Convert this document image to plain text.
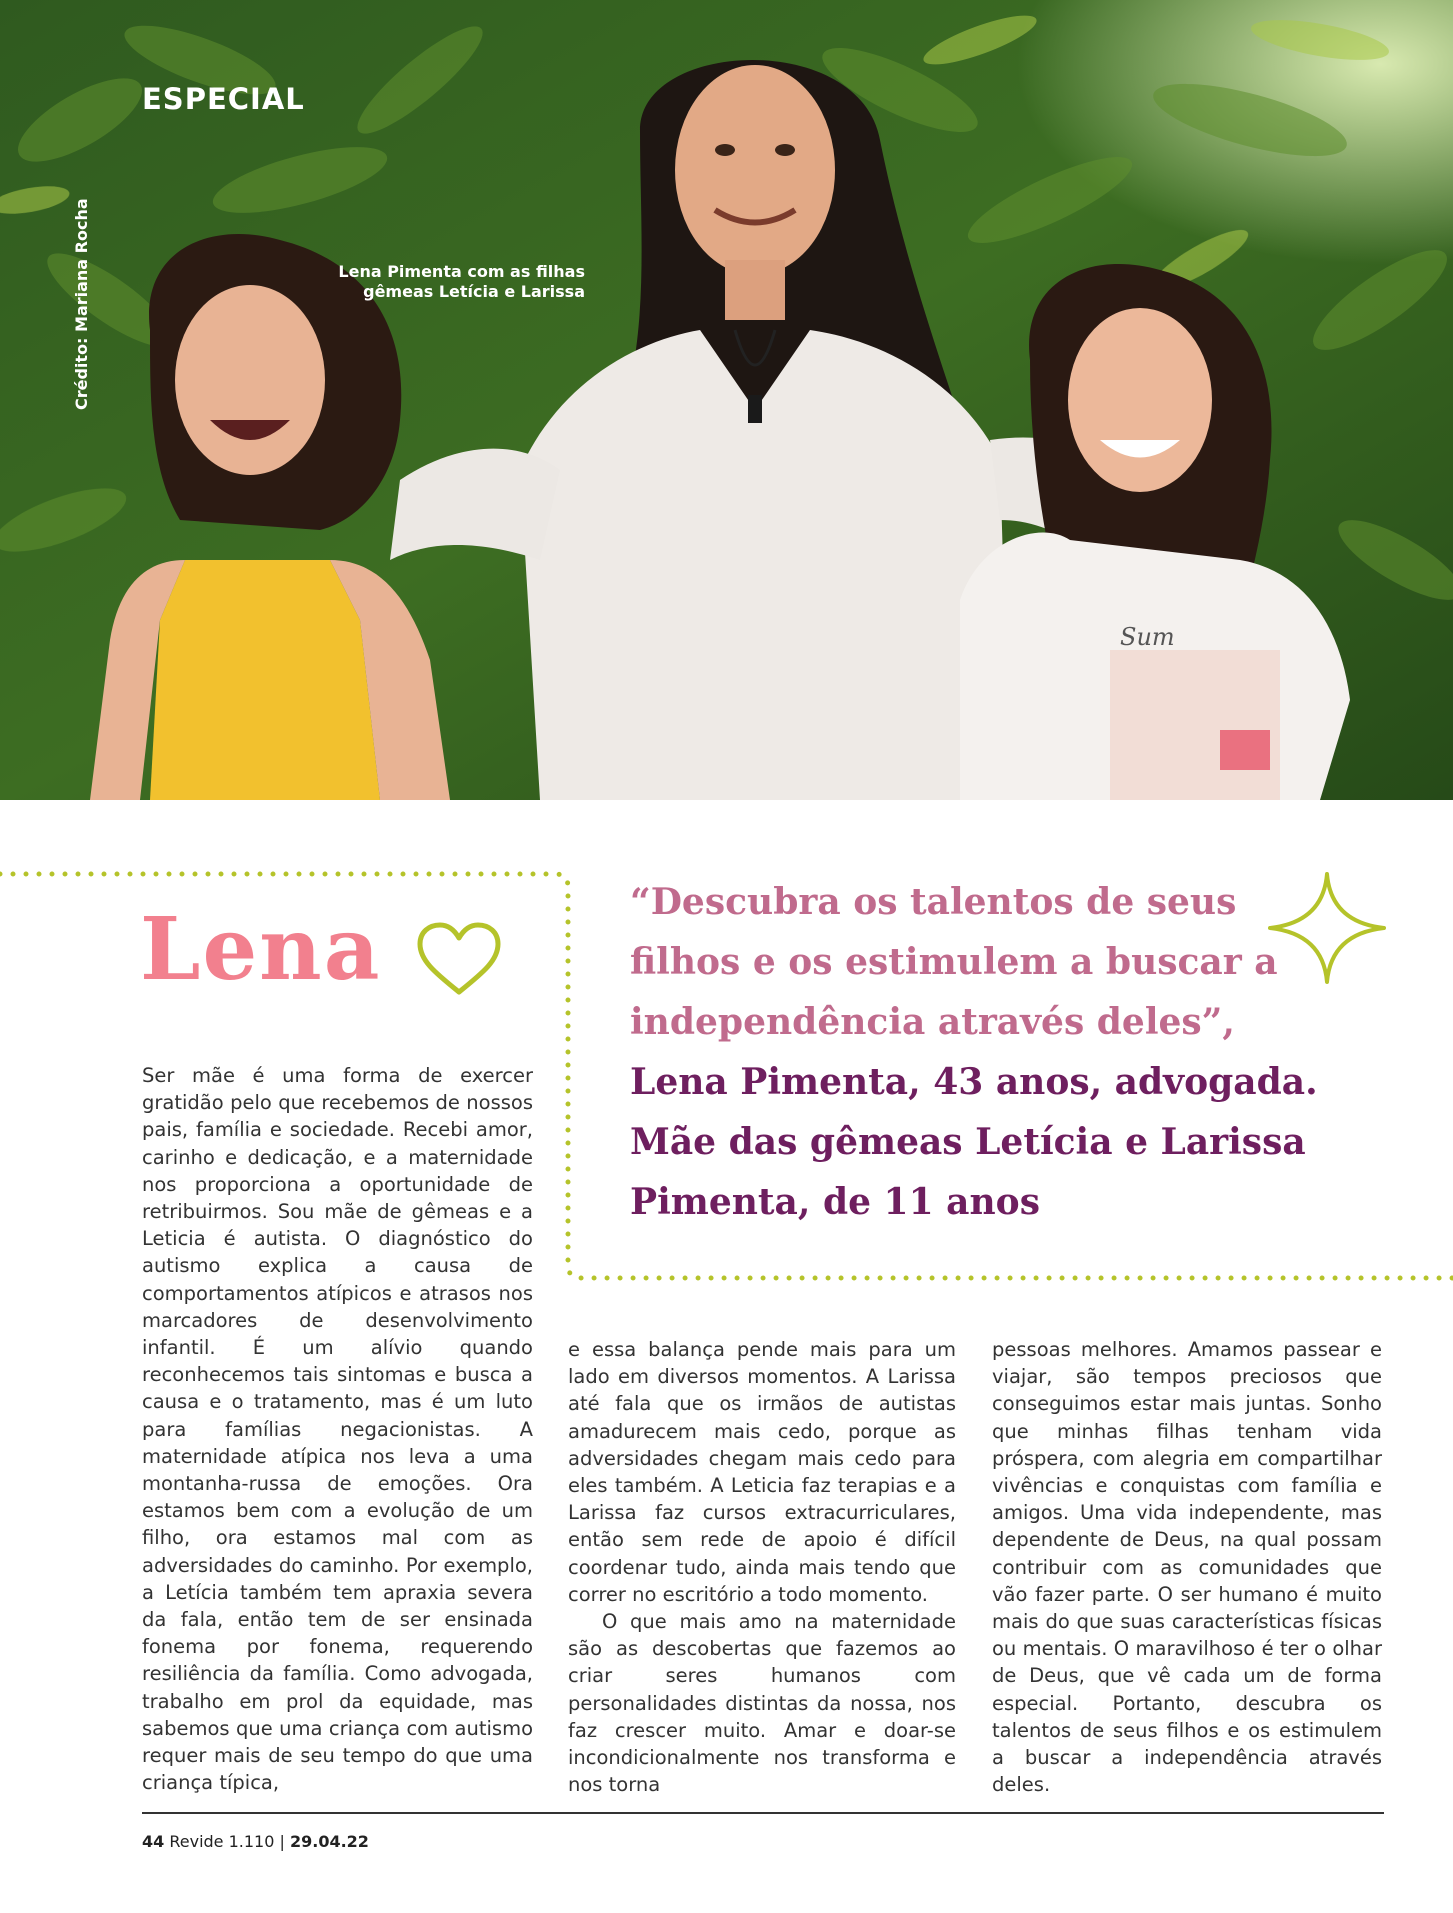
Sum
ESPECIAL
Crédito: Mariana Rocha	Lena Pimenta com as filhas
gêmeas Letícia e Larissa
Lena	“Descubra os talentos de seus filhos e os estimulem a buscar a independência através deles”,
Lena Pimenta, 43 anos, advogada. Mãe das gêmeas Letícia e Larissa Pimenta, de 11 anos

Ser mãe é uma forma de exercer gratidão pelo que recebemos de nossos pais, família e sociedade. Recebi amor, carinho e dedicação, e a maternidade nos proporciona a oportunidade de retribuirmos. Sou mãe de gêmeas e a Leticia é autista. O diagnóstico do autismo explica a causa de comportamentos atípicos e atrasos nos marcadores de desenvolvimento infantil. É um alívio quando reconhecemos tais sintomas e busca a causa e o tratamento, mas é um luto para famílias negacionistas. A maternidade atípica nos leva a uma montanha-russa de emoções. Ora estamos bem com a evolução de um filho, ora estamos mal com as adversidades do caminho. Por exemplo, a Letícia também tem apraxia severa da fala, então tem de ser ensinada fonema por fonema, requerendo resiliência da família. Como advogada, trabalho em prol da equidade, mas sabemos que uma criança com autismo requer mais de seu tempo do que uma criança típica,

e essa balança pende mais para um lado em diversos momentos. A Larissa até fala que os irmãos de autistas amadurecem mais cedo, porque as adversidades chegam mais cedo para eles também. A Leticia faz terapias e a Larissa faz cursos extracurriculares, então sem rede de apoio é difícil coordenar tudo, ainda mais tendo que correr no escritório a todo momento.

O que mais amo na maternidade são as descobertas que fazemos ao criar seres humanos com personalidades distintas da nossa, nos faz crescer muito. Amar e doar-se incondicionalmente nos transforma e nos torna

pessoas melhores. Amamos passear e viajar, são tempos preciosos que conseguimos estar mais juntas. Sonho que minhas filhas tenham vida próspera, com alegria em compartilhar vivências e conquistas com família e amigos. Uma vida independente, mas dependente de Deus, na qual possam contribuir com as comunidades que vão fazer parte. O ser humano é muito mais do que suas características físicas ou mentais. O maravilhoso é ter o olhar de Deus, que vê cada um de forma especial. Portanto, descubra os talentos de seus filhos e os estimulem a buscar a independência através deles.

44 Revide 1.110 | 29.04.22
